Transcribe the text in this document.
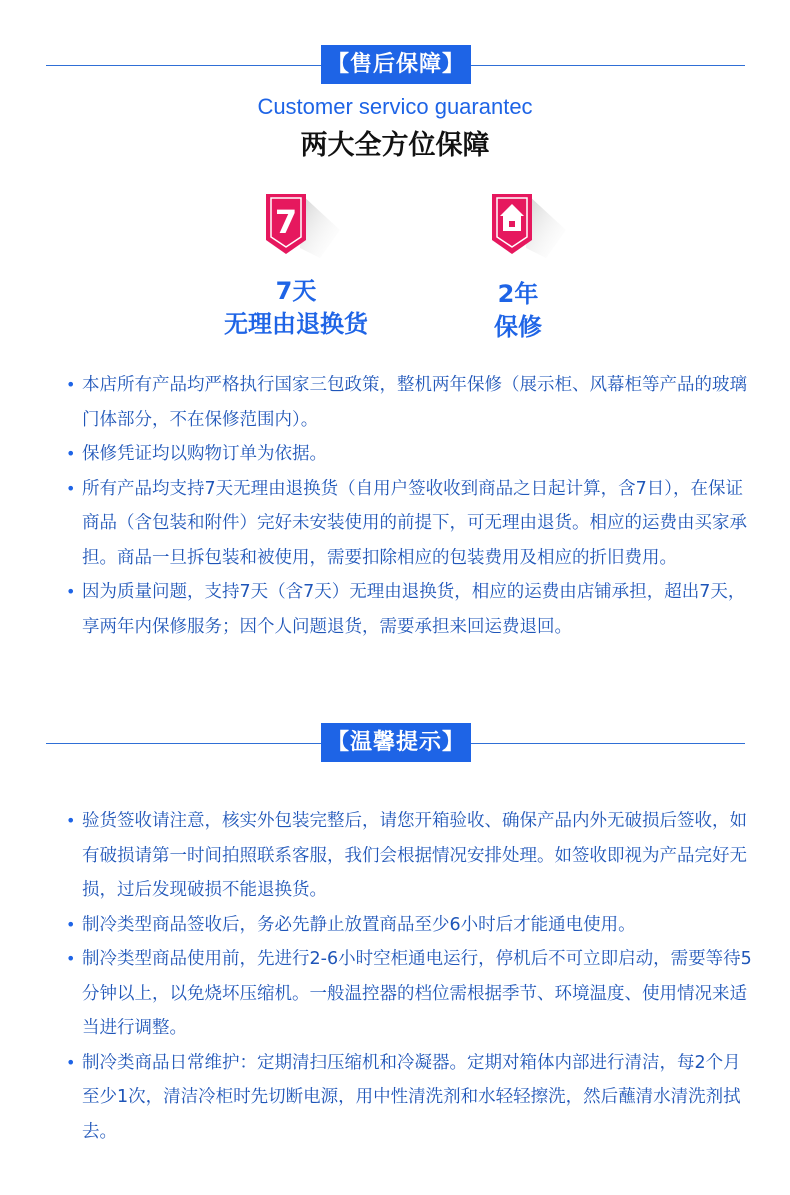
【售后保障】
Customer servico guarantec
两大全方位保障
7
7天
无理由退换货
2年
保修
• 本店所有产品均严格执行国家三包政策，整机两年保修（展示柜、风幕柜等产品的玻璃门体部分，不在保修范围内）。
• 保修凭证均以购物订单为依据。
• 所有产品均支持7天无理由退换货（自用户签收收到商品之日起计算，含7日），在保证商品（含包装和附件）完好未安装使用的前提下，可无理由退货。相应的运费由买家承担。商品一旦拆包装和被使用，需要扣除相应的包装费用及相应的折旧费用。
• 因为质量问题，支持7天（含7天）无理由退换货，相应的运费由店铺承担，超出7天，享两年内保修服务；因个人问题退货，需要承担来回运费退回。
【温馨提示】
• 验货签收请注意，核实外包装完整后，请您开箱验收、确保产品内外无破损后签收，如有破损请第一时间拍照联系客服，我们会根据情况安排处理。如签收即视为产品完好无损，过后发现破损不能退换货。
• 制冷类型商品签收后，务必先静止放置商品至少6小时后才能通电使用。
• 制冷类型商品使用前，先进行2-6小时空柜通电运行，停机后不可立即启动，需要等待5分钟以上，以免烧坏压缩机。一般温控器的档位需根据季节、环境温度、使用情况来适当进行调整。
• 制冷类商品日常维护：定期清扫压缩机和冷凝器。定期对箱体内部进行清洁，每2个月至少1次，清洁冷柜时先切断电源，用中性清洗剂和水轻轻擦洗，然后蘸清水清洗剂拭去。
